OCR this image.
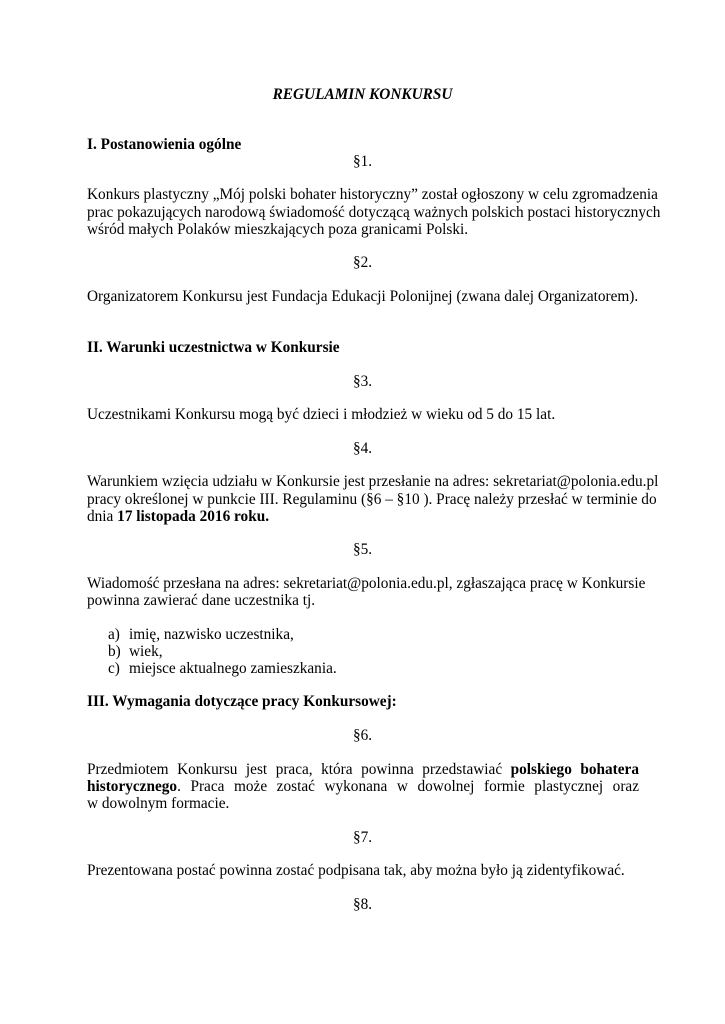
REGULAMIN KONKURSU
I. Postanowienia ogólne
§1.
Konkurs plastyczny „Mój polski bohater historyczny” został ogłoszony w celu zgromadzenia
prac pokazujących narodową świadomość dotyczącą ważnych polskich postaci historycznych
wśród małych Polaków mieszkających poza granicami Polski.
§2.
Organizatorem Konkursu jest Fundacja Edukacji Polonijnej (zwana dalej Organizatorem).
II. Warunki uczestnictwa w Konkursie
§3.
Uczestnikami Konkursu mogą być dzieci i młodzież w wieku od 5 do 15 lat.
§4.
Warunkiem wzięcia udziału w Konkursie jest przesłanie na adres: sekretariat@polonia.edu.pl
pracy określonej w punkcie III. Regulaminu (§6 – §10 ). Pracę należy przesłać w terminie do
dnia 17 listopada 2016 roku.
§5.
Wiadomość przesłana na adres: sekretariat@polonia.edu.pl, zgłaszająca pracę w Konkursie
powinna zawierać dane uczestnika tj.
a) imię, nazwisko uczestnika,
b) wiek,
c) miejsce aktualnego zamieszkania.
III. Wymagania dotyczące pracy Konkursowej:
§6.
Przedmiotem Konkursu jest praca, która powinna przedstawiać polskiego bohatera
historycznego. Praca może zostać wykonana w dowolnej formie plastycznej oraz
w dowolnym formacie.
§7.
Prezentowana postać powinna zostać podpisana tak, aby można było ją zidentyfikować.
§8.
